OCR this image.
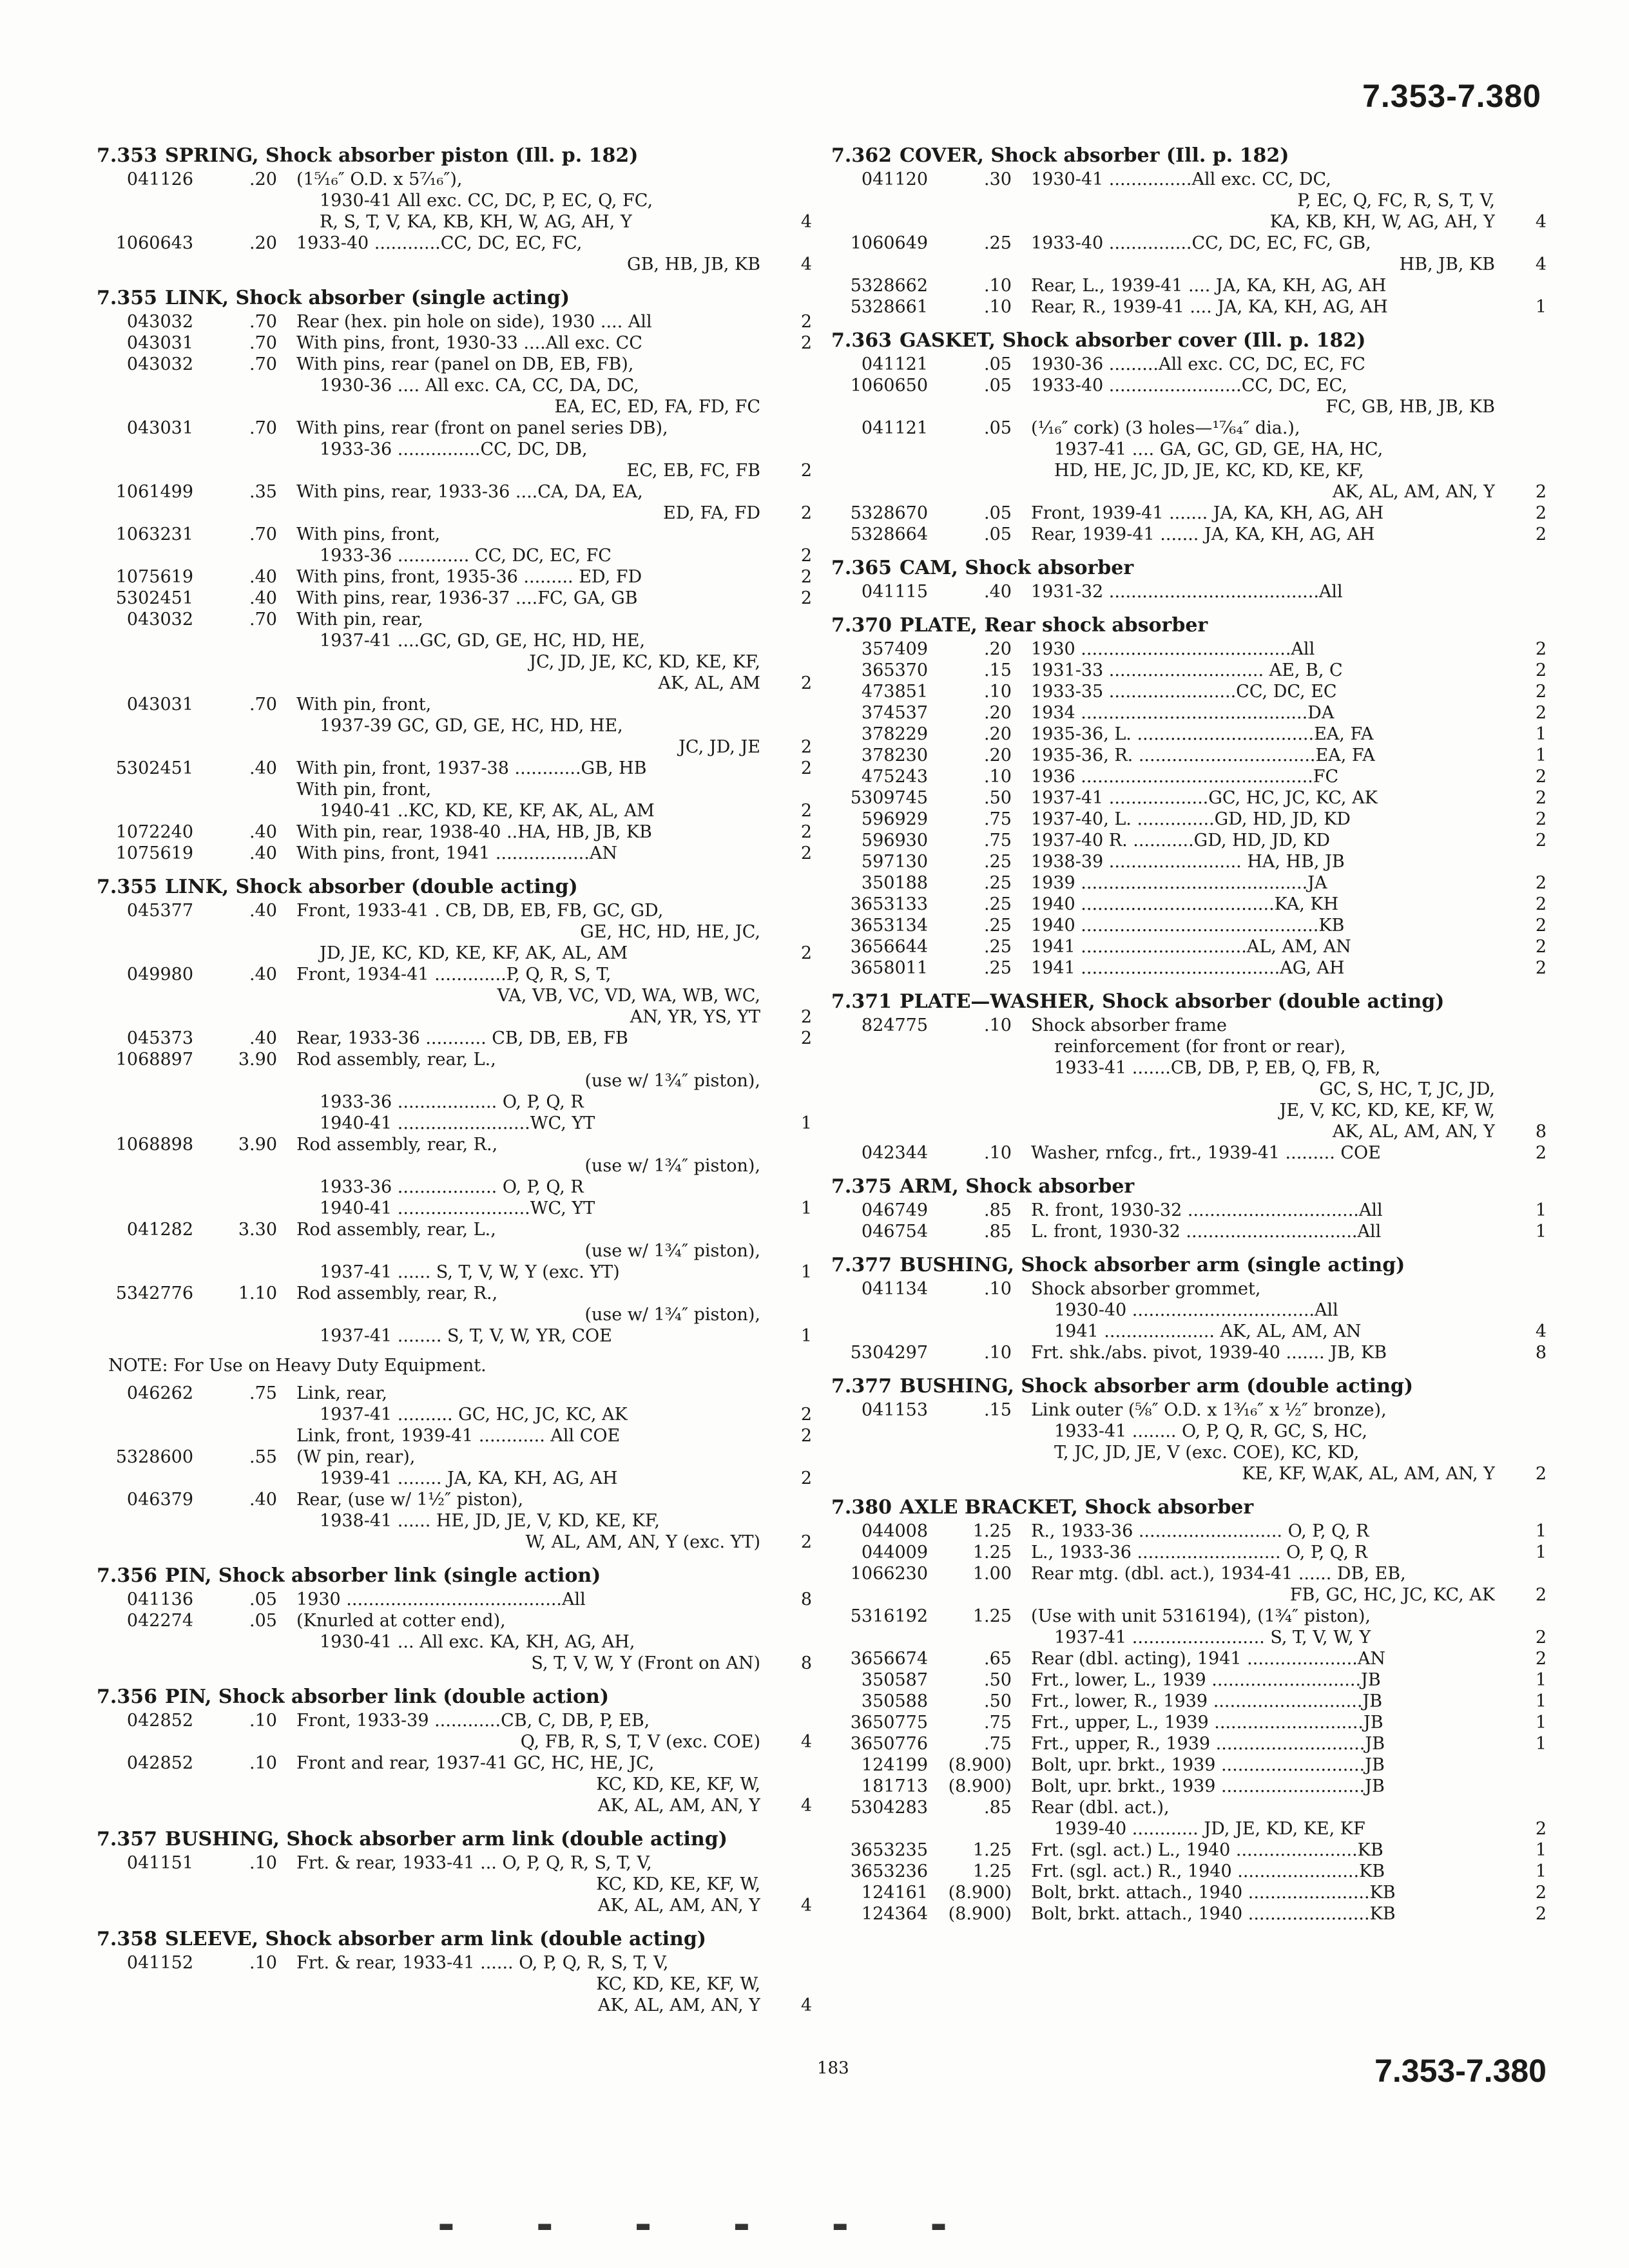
7.353-7.380
7.353 SPRING, Shock absorber piston (Ill. p. 182)
041126	.20 (1⁵⁄₁₆″ O.D. x 5⁷⁄₁₆″),
1930-41 All exc. CC, DC, P, EC, Q, FC,
R, S, T, V, KA, KB, KH, W, AG, AH, Y	4
1060643	.20 1933-40 ............CC, DC, EC, FC,
GB, HB, JB, KB	4
7.355 LINK, Shock absorber (single acting)
043032	.70 Rear (hex. pin hole on side), 1930 .... All	2
043031	.70 With pins, front, 1930-33 ....All exc. CC	2
043032	.70 With pins, rear (panel on DB, EB, FB),
1930-36 .... All exc. CA, CC, DA, DC,
EA, EC, ED, FA, FD, FC
043031	.70 With pins, rear (front on panel series DB),
1933-36 ...............CC, DC, DB,
EC, EB, FC, FB	2
1061499	.35 With pins, rear, 1933-36 ....CA, DA, EA,
ED, FA, FD	2
1063231	.70 With pins, front,
1933-36 ............. CC, DC, EC, FC	2
1075619	.40 With pins, front, 1935-36 ......... ED, FD	2
5302451	.40 With pins, rear, 1936-37 ....FC, GA, GB	2
043032	.70 With pin, rear,
1937-41 ....GC, GD, GE, HC, HD, HE,
JC, JD, JE, KC, KD, KE, KF,
AK, AL, AM	2
043031	.70 With pin, front,
1937-39 GC, GD, GE, HC, HD, HE,
JC, JD, JE	2
5302451	.40 With pin, front, 1937-38 ............GB, HB	2
With pin, front,
1940-41 ..KC, KD, KE, KF, AK, AL, AM	2
1072240	.40 With pin, rear, 1938-40 ..HA, HB, JB, KB	2
1075619	.40 With pins, front, 1941 .................AN	2
7.355 LINK, Shock absorber (double acting)
045377	.40 Front, 1933-41 . CB, DB, EB, FB, GC, GD,
GE, HC, HD, HE, JC,
JD, JE, KC, KD, KE, KF, AK, AL, AM	2
049980	.40 Front, 1934-41 .............P, Q, R, S, T,
VA, VB, VC, VD, WA, WB, WC,
AN, YR, YS, YT	2
045373	.40 Rear, 1933-36 ........... CB, DB, EB, FB	2
1068897	3.90 Rod assembly, rear, L.,
(use w/ 1¾″ piston),
1933-36 .................. O, P, Q, R
1940-41 ........................WC, YT	1
1068898	3.90 Rod assembly, rear, R.,
(use w/ 1¾″ piston),
1933-36 .................. O, P, Q, R
1940-41 ........................WC, YT	1
041282	3.30 Rod assembly, rear, L.,
(use w/ 1¾″ piston),
1937-41 ...... S, T, V, W, Y (exc. YT)	1
5342776	1.10 Rod assembly, rear, R.,
(use w/ 1¾″ piston),
1937-41 ........ S, T, V, W, YR, COE	1
NOTE: For Use on Heavy Duty Equipment.
046262	.75 Link, rear,
1937-41 .......... GC, HC, JC, KC, AK	2
Link, front, 1939-41 ............ All COE	2
5328600	.55 (W pin, rear),
1939-41 ........ JA, KA, KH, AG, AH	2
046379	.40 Rear, (use w/ 1½″ piston),
1938-41 ...... HE, JD, JE, V, KD, KE, KF,
W, AL, AM, AN, Y (exc. YT)	2
7.356 PIN, Shock absorber link (single action)
041136	.05 1930 .......................................All	8
042274	.05 (Knurled at cotter end),
1930-41 ... All exc. KA, KH, AG, AH,
S, T, V, W, Y (Front on AN)	8
7.356 PIN, Shock absorber link (double action)
042852	.10 Front, 1933-39 ............CB, C, DB, P, EB,
Q, FB, R, S, T, V (exc. COE)	4
042852	.10 Front and rear, 1937-41 GC, HC, HE, JC,
KC, KD, KE, KF, W,
AK, AL, AM, AN, Y	4
7.357 BUSHING, Shock absorber arm link (double acting)
041151	.10 Frt. & rear, 1933-41 ... O, P, Q, R, S, T, V,
KC, KD, KE, KF, W,
AK, AL, AM, AN, Y	4
7.358 SLEEVE, Shock absorber arm link (double acting)
041152	.10 Frt. & rear, 1933-41 ...... O, P, Q, R, S, T, V,
KC, KD, KE, KF, W,
AK, AL, AM, AN, Y	4
7.362 COVER, Shock absorber (Ill. p. 182)
041120	.30 1930-41 ...............All exc. CC, DC,
P, EC, Q, FC, R, S, T, V,
KA, KB, KH, W, AG, AH, Y	4
1060649	.25 1933-40 ...............CC, DC, EC, FC, GB,
HB, JB, KB	4
5328662	.10 Rear, L., 1939-41 .... JA, KA, KH, AG, AH
5328661	.10 Rear, R., 1939-41 .... JA, KA, KH, AG, AH	1
7.363 GASKET, Shock absorber cover (Ill. p. 182)
041121	.05 1930-36 .........All exc. CC, DC, EC, FC
1060650	.05 1933-40 ........................CC, DC, EC,
FC, GB, HB, JB, KB
041121	.05 (¹⁄₁₆″ cork) (3 holes—¹⁷⁄₆₄″ dia.),
1937-41 .... GA, GC, GD, GE, HA, HC,
HD, HE, JC, JD, JE, KC, KD, KE, KF,
AK, AL, AM, AN, Y	2
5328670	.05 Front, 1939-41 ....... JA, KA, KH, AG, AH	2
5328664	.05 Rear, 1939-41 ....... JA, KA, KH, AG, AH	2
7.365 CAM, Shock absorber
041115	.40 1931-32 ......................................All
7.370 PLATE, Rear shock absorber
357409	.20 1930 ......................................All	2
365370	.15 1931-33 ............................ AE, B, C	2
473851	.10 1933-35 .......................CC, DC, EC	2
374537	.20 1934 .........................................DA	2
378229	.20 1935-36, L. ................................EA, FA	1
378230	.20 1935-36, R. ................................EA, FA	1
475243	.10 1936 ..........................................FC	2
5309745	.50 1937-41 ..................GC, HC, JC, KC, AK	2
596929	.75 1937-40, L. ..............GD, HD, JD, KD	2
596930	.75 1937-40 R. ...........GD, HD, JD, KD	2
597130	.25 1938-39 ........................ HA, HB, JB
350188	.25 1939 .........................................JA	2
3653133	.25 1940 ...................................KA, KH	2
3653134	.25 1940 ...........................................KB	2
3656644	.25 1941 ..............................AL, AM, AN	2
3658011	.25 1941 ....................................AG, AH	2
7.371 PLATE—WASHER, Shock absorber (double acting)
824775	.10 Shock absorber frame
reinforcement (for front or rear),
1933-41 .......CB, DB, P, EB, Q, FB, R,
GC, S, HC, T, JC, JD,
JE, V, KC, KD, KE, KF, W,
AK, AL, AM, AN, Y	8
042344	.10 Washer, rnfcg., frt., 1939-41 ......... COE	2
7.375 ARM, Shock absorber
046749	.85 R. front, 1930-32 ...............................All	1
046754	.85 L. front, 1930-32 ...............................All	1
7.377 BUSHING, Shock absorber arm (single acting)
041134	.10 Shock absorber grommet,
1930-40 .................................All
1941 .................... AK, AL, AM, AN	4
5304297	.10 Frt. shk./abs. pivot, 1939-40 ....... JB, KB	8
7.377 BUSHING, Shock absorber arm (double acting)
041153	.15 Link outer (⅝″ O.D. x 1³⁄₁₆″ x ½″ bronze),
1933-41 ........ O, P, Q, R, GC, S, HC,
T, JC, JD, JE, V (exc. COE), KC, KD,
KE, KF, W,AK, AL, AM, AN, Y	2
7.380 AXLE BRACKET, Shock absorber
044008	1.25 R., 1933-36 .......................... O, P, Q, R	1
044009	1.25 L., 1933-36 .......................... O, P, Q, R	1
1066230	1.00 Rear mtg. (dbl. act.), 1934-41 ...... DB, EB,
FB, GC, HC, JC, KC, AK	2
5316192	1.25 (Use with unit 5316194), (1¾″ piston),
1937-41 ........................ S, T, V, W, Y	2
3656674	.65 Rear (dbl. acting), 1941 ....................AN	2
350587	.50 Frt., lower, L., 1939 ...........................JB	1
350588	.50 Frt., lower, R., 1939 ...........................JB	1
3650775	.75 Frt., upper, L., 1939 ...........................JB	1
3650776	.75 Frt., upper, R., 1939 ...........................JB	1
124199	(8.900) Bolt, upr. brkt., 1939 ..........................JB
181713	(8.900) Bolt, upr. brkt., 1939 ..........................JB
5304283	.85 Rear (dbl. act.),
1939-40 ............ JD, JE, KD, KE, KF	2
3653235	1.25 Frt. (sgl. act.) L., 1940 ......................KB	1
3653236	1.25 Frt. (sgl. act.) R., 1940 ......................KB	1
124161	(8.900) Bolt, brkt. attach., 1940 ......................KB	2
124364	(8.900) Bolt, brkt. attach., 1940 ......................KB	2
183	7.353-7.380
▬ ▬ ▬ ▬ ▬ ▬
